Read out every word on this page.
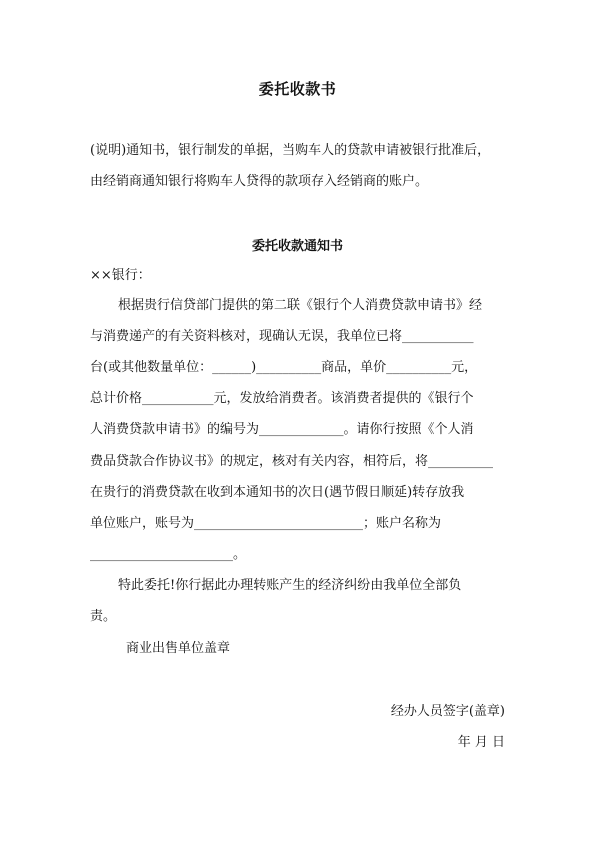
委托收款书
(说明)通知书，银行制发的单据，当购车人的贷款申请被银行批准后，
由经销商通知银行将购车人贷得的款项存入经销商的账户。
委托收款通知书
××银行：
根据贵行信贷部门提供的第二联《银行个人消费贷款申请书》经
与消费递产的有关资料核对，现确认无误，我单位已将___________
台(或其他数量单位：______)__________商品，单价__________元，
总计价格___________元，发放给消费者。该消费者提供的《银行个
人消费贷款申请书》的编号为_____________。请你行按照《个人消
费品贷款合作协议书》的规定，核对有关内容，相符后，将__________
在贵行的消费贷款在收到本通知书的次日(遇节假日顺延)转存放我
单位账户，账号为__________________________；账户名称为
______________________。
特此委托!你行据此办理转账产生的经济纠纷由我单位全部负
责。
商业出售单位盖章
经办人员签字(盖章)
年 月 日
